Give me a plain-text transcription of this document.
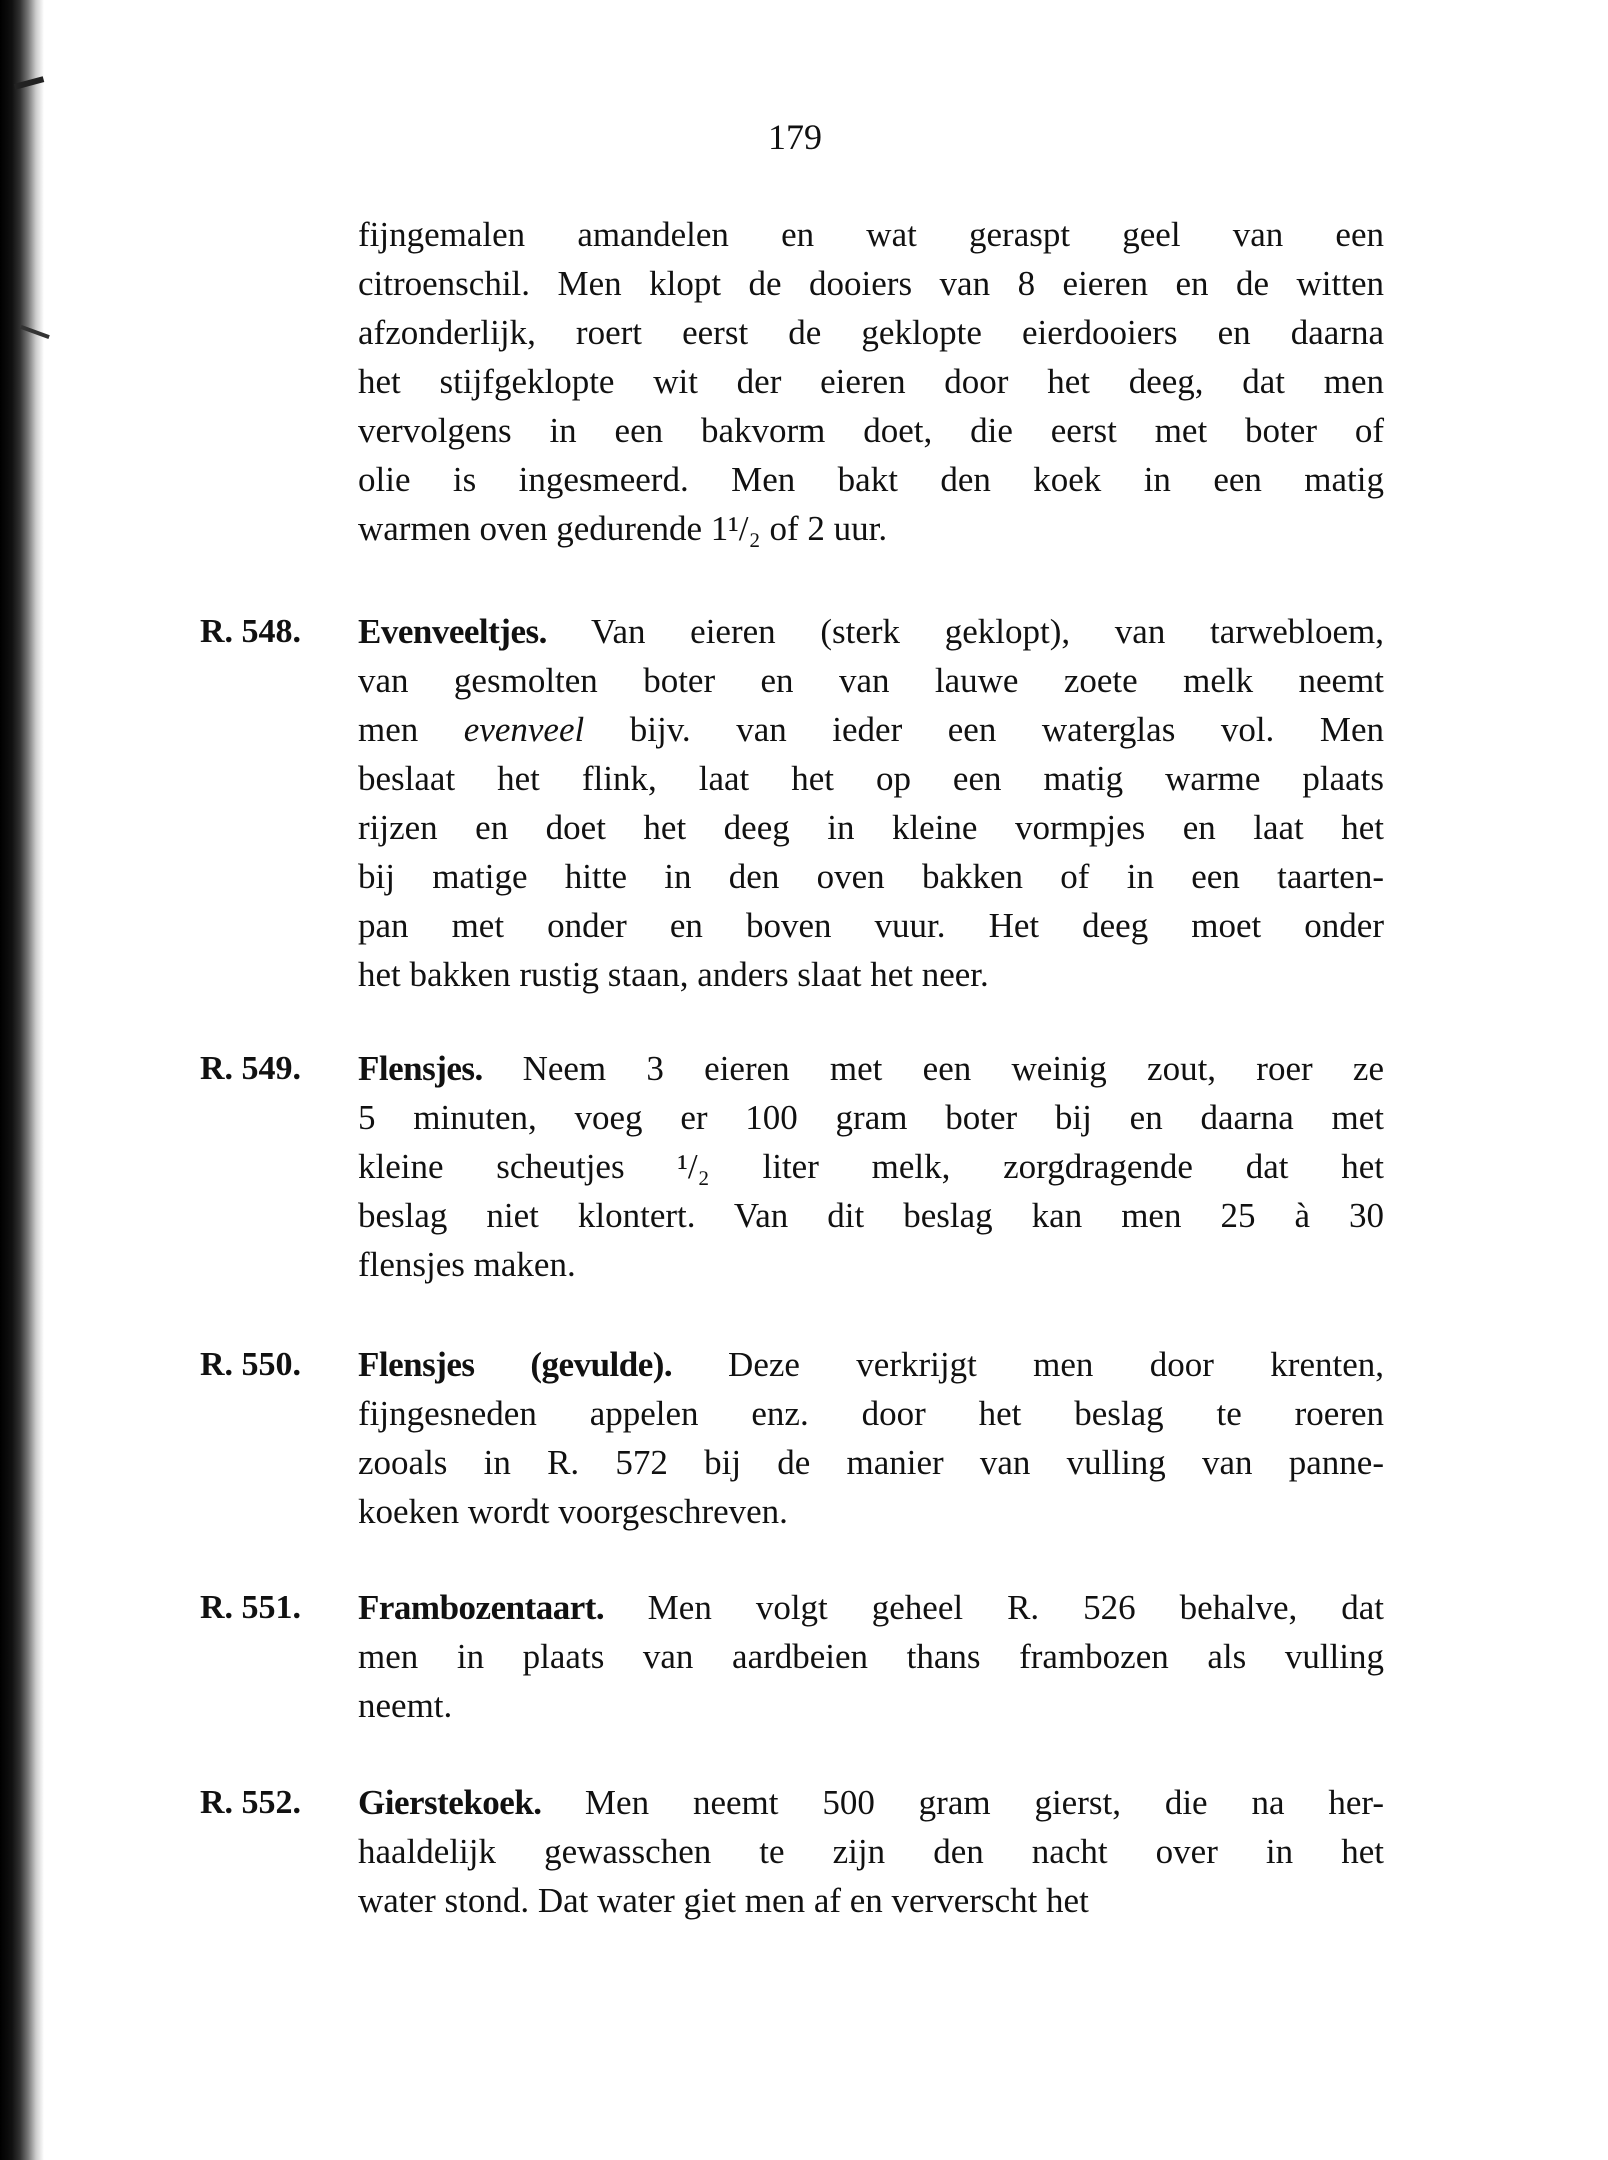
179
fijngemalen amandelen en wat geraspt geel van een
citroenschil. Men klopt de dooiers van 8 eieren en de witten
afzonderlijk, roert eerst de geklopte eierdooiers en daarna
het stijfgeklopte wit der eieren door het deeg, dat men
vervolgens in een bakvorm doet, die eerst met boter of
olie is ingesmeerd. Men bakt den koek in een matig
warmen oven gedurende 1¹/₂ of 2 uur.
R. 548. Evenveeltjes. Van eieren (sterk geklopt), van tarwebloem,
van gesmolten boter en van lauwe zoete melk neemt
men evenveel bijv. van ieder een waterglas vol. Men
beslaat het flink, laat het op een matig warme plaats
rijzen en doet het deeg in kleine vormpjes en laat het
bij matige hitte in den oven bakken of in een taarten-
pan met onder en boven vuur. Het deeg moet onder
het bakken rustig staan, anders slaat het neer.
R. 549. Flensjes. Neem 3 eieren met een weinig zout, roer ze
5 minuten, voeg er 100 gram boter bij en daarna met
kleine scheutjes ¹/₂ liter melk, zorgdragende dat het
beslag niet klontert. Van dit beslag kan men 25 à 30
flensjes maken.
R. 550. Flensjes (gevulde). Deze verkrijgt men door krenten,
fijngesneden appelen enz. door het beslag te roeren
zooals in R. 572 bij de manier van vulling van panne-
koeken wordt voorgeschreven.
R. 551. Frambozentaart. Men volgt geheel R. 526 behalve, dat
men in plaats van aardbeien thans frambozen als vulling
neemt.
R. 552. Gierstekoek. Men neemt 500 gram gierst, die na her-
haaldelijk gewasschen te zijn den nacht over in het
water stond. Dat water giet men af en ververscht het
